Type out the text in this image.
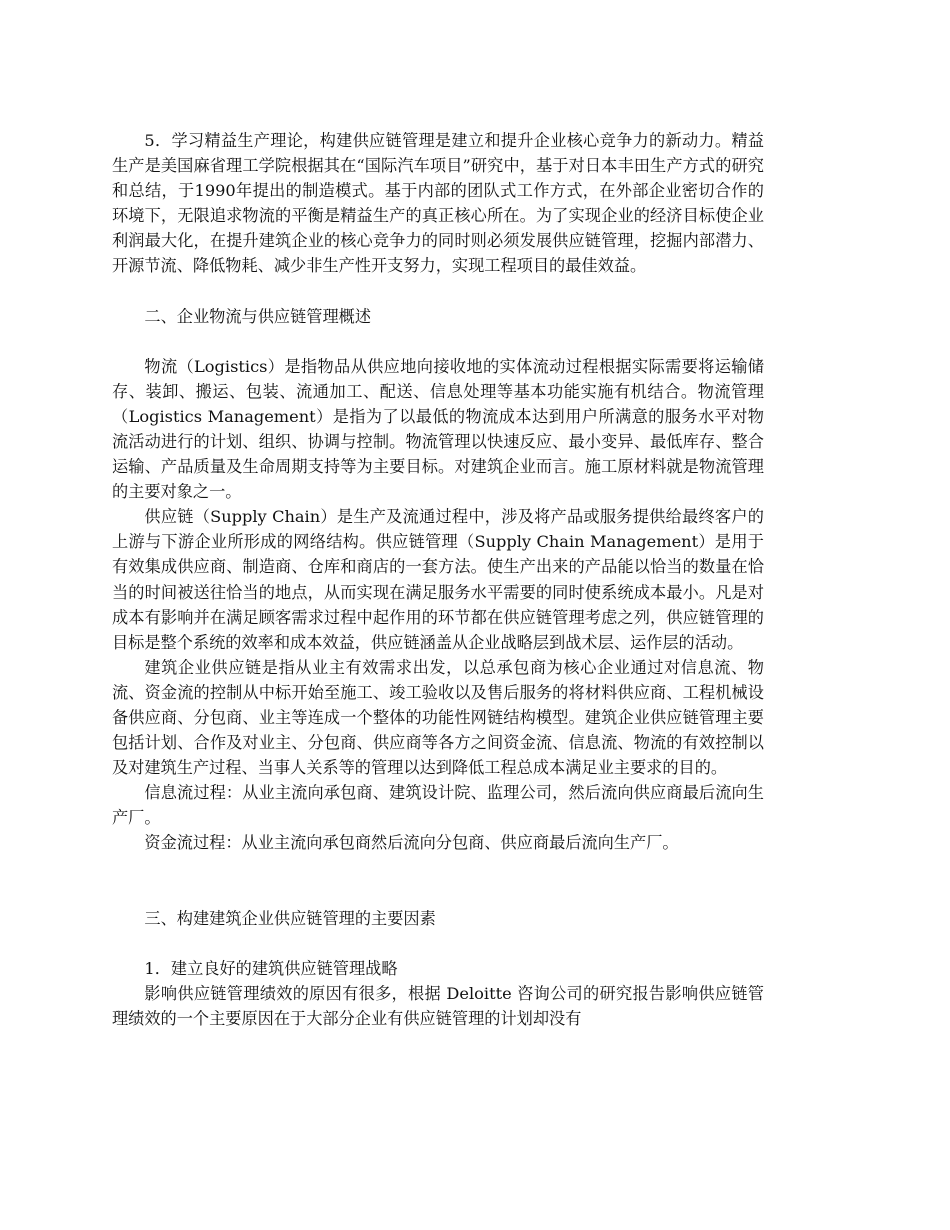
5．学习精益生产理论，构建供应链管理是建立和提升企业核心竞争力的新动力。精益生产是美国麻省理工学院根据其在“国际汽车项目”研究中，基于对日本丰田生产方式的研究和总结，于1990年提出的制造模式。基于内部的团队式工作方式，在外部企业密切合作的环境下，无限追求物流的平衡是精益生产的真正核心所在。为了实现企业的经济目标使企业利润最大化，在提升建筑企业的核心竞争力的同时则必须发展供应链管理，挖掘内部潜力、开源节流、降低物耗、减少非生产性开支努力，实现工程项目的最佳效益。

二、企业物流与供应链管理概述

物流（Logistics）是指物品从供应地向接收地的实体流动过程根据实际需要将运输储存、装卸、搬运、包装、流通加工、配送、信息处理等基本功能实施有机结合。物流管理（Logistics Management）是指为了以最低的物流成本达到用户所满意的服务水平对物流活动进行的计划、组织、协调与控制。物流管理以快速反应、最小变异、最低库存、整合运输、产品质量及生命周期支持等为主要目标。对建筑企业而言。施工原材料就是物流管理的主要对象之一。

供应链（Supply Chain）是生产及流通过程中，涉及将产品或服务提供给最终客户的上游与下游企业所形成的网络结构。供应链管理（Supply Chain Management）是用于有效集成供应商、制造商、仓库和商店的一套方法。使生产出来的产品能以恰当的数量在恰当的时间被送往恰当的地点，从而实现在满足服务水平需要的同时使系统成本最小。凡是对成本有影响并在满足顾客需求过程中起作用的环节都在供应链管理考虑之列，供应链管理的目标是整个系统的效率和成本效益，供应链涵盖从企业战略层到战术层、运作层的活动。

建筑企业供应链是指从业主有效需求出发，以总承包商为核心企业通过对信息流、物流、资金流的控制从中标开始至施工、竣工验收以及售后服务的将材料供应商、工程机械设备供应商、分包商、业主等连成一个整体的功能性网链结构模型。建筑企业供应链管理主要包括计划、合作及对业主、分包商、供应商等各方之间资金流、信息流、物流的有效控制以及对建筑生产过程、当事人关系等的管理以达到降低工程总成本满足业主要求的目的。

信息流过程：从业主流向承包商、建筑设计院、监理公司，然后流向供应商最后流向生产厂。

资金流过程：从业主流向承包商然后流向分包商、供应商最后流向生产厂。

三、构建建筑企业供应链管理的主要因素

1．建立良好的建筑供应链管理战略

影响供应链管理绩效的原因有很多，根据 Deloitte 咨询公司的研究报告影响供应链管理绩效的一个主要原因在于大部分企业有供应链管理的计划却没有
